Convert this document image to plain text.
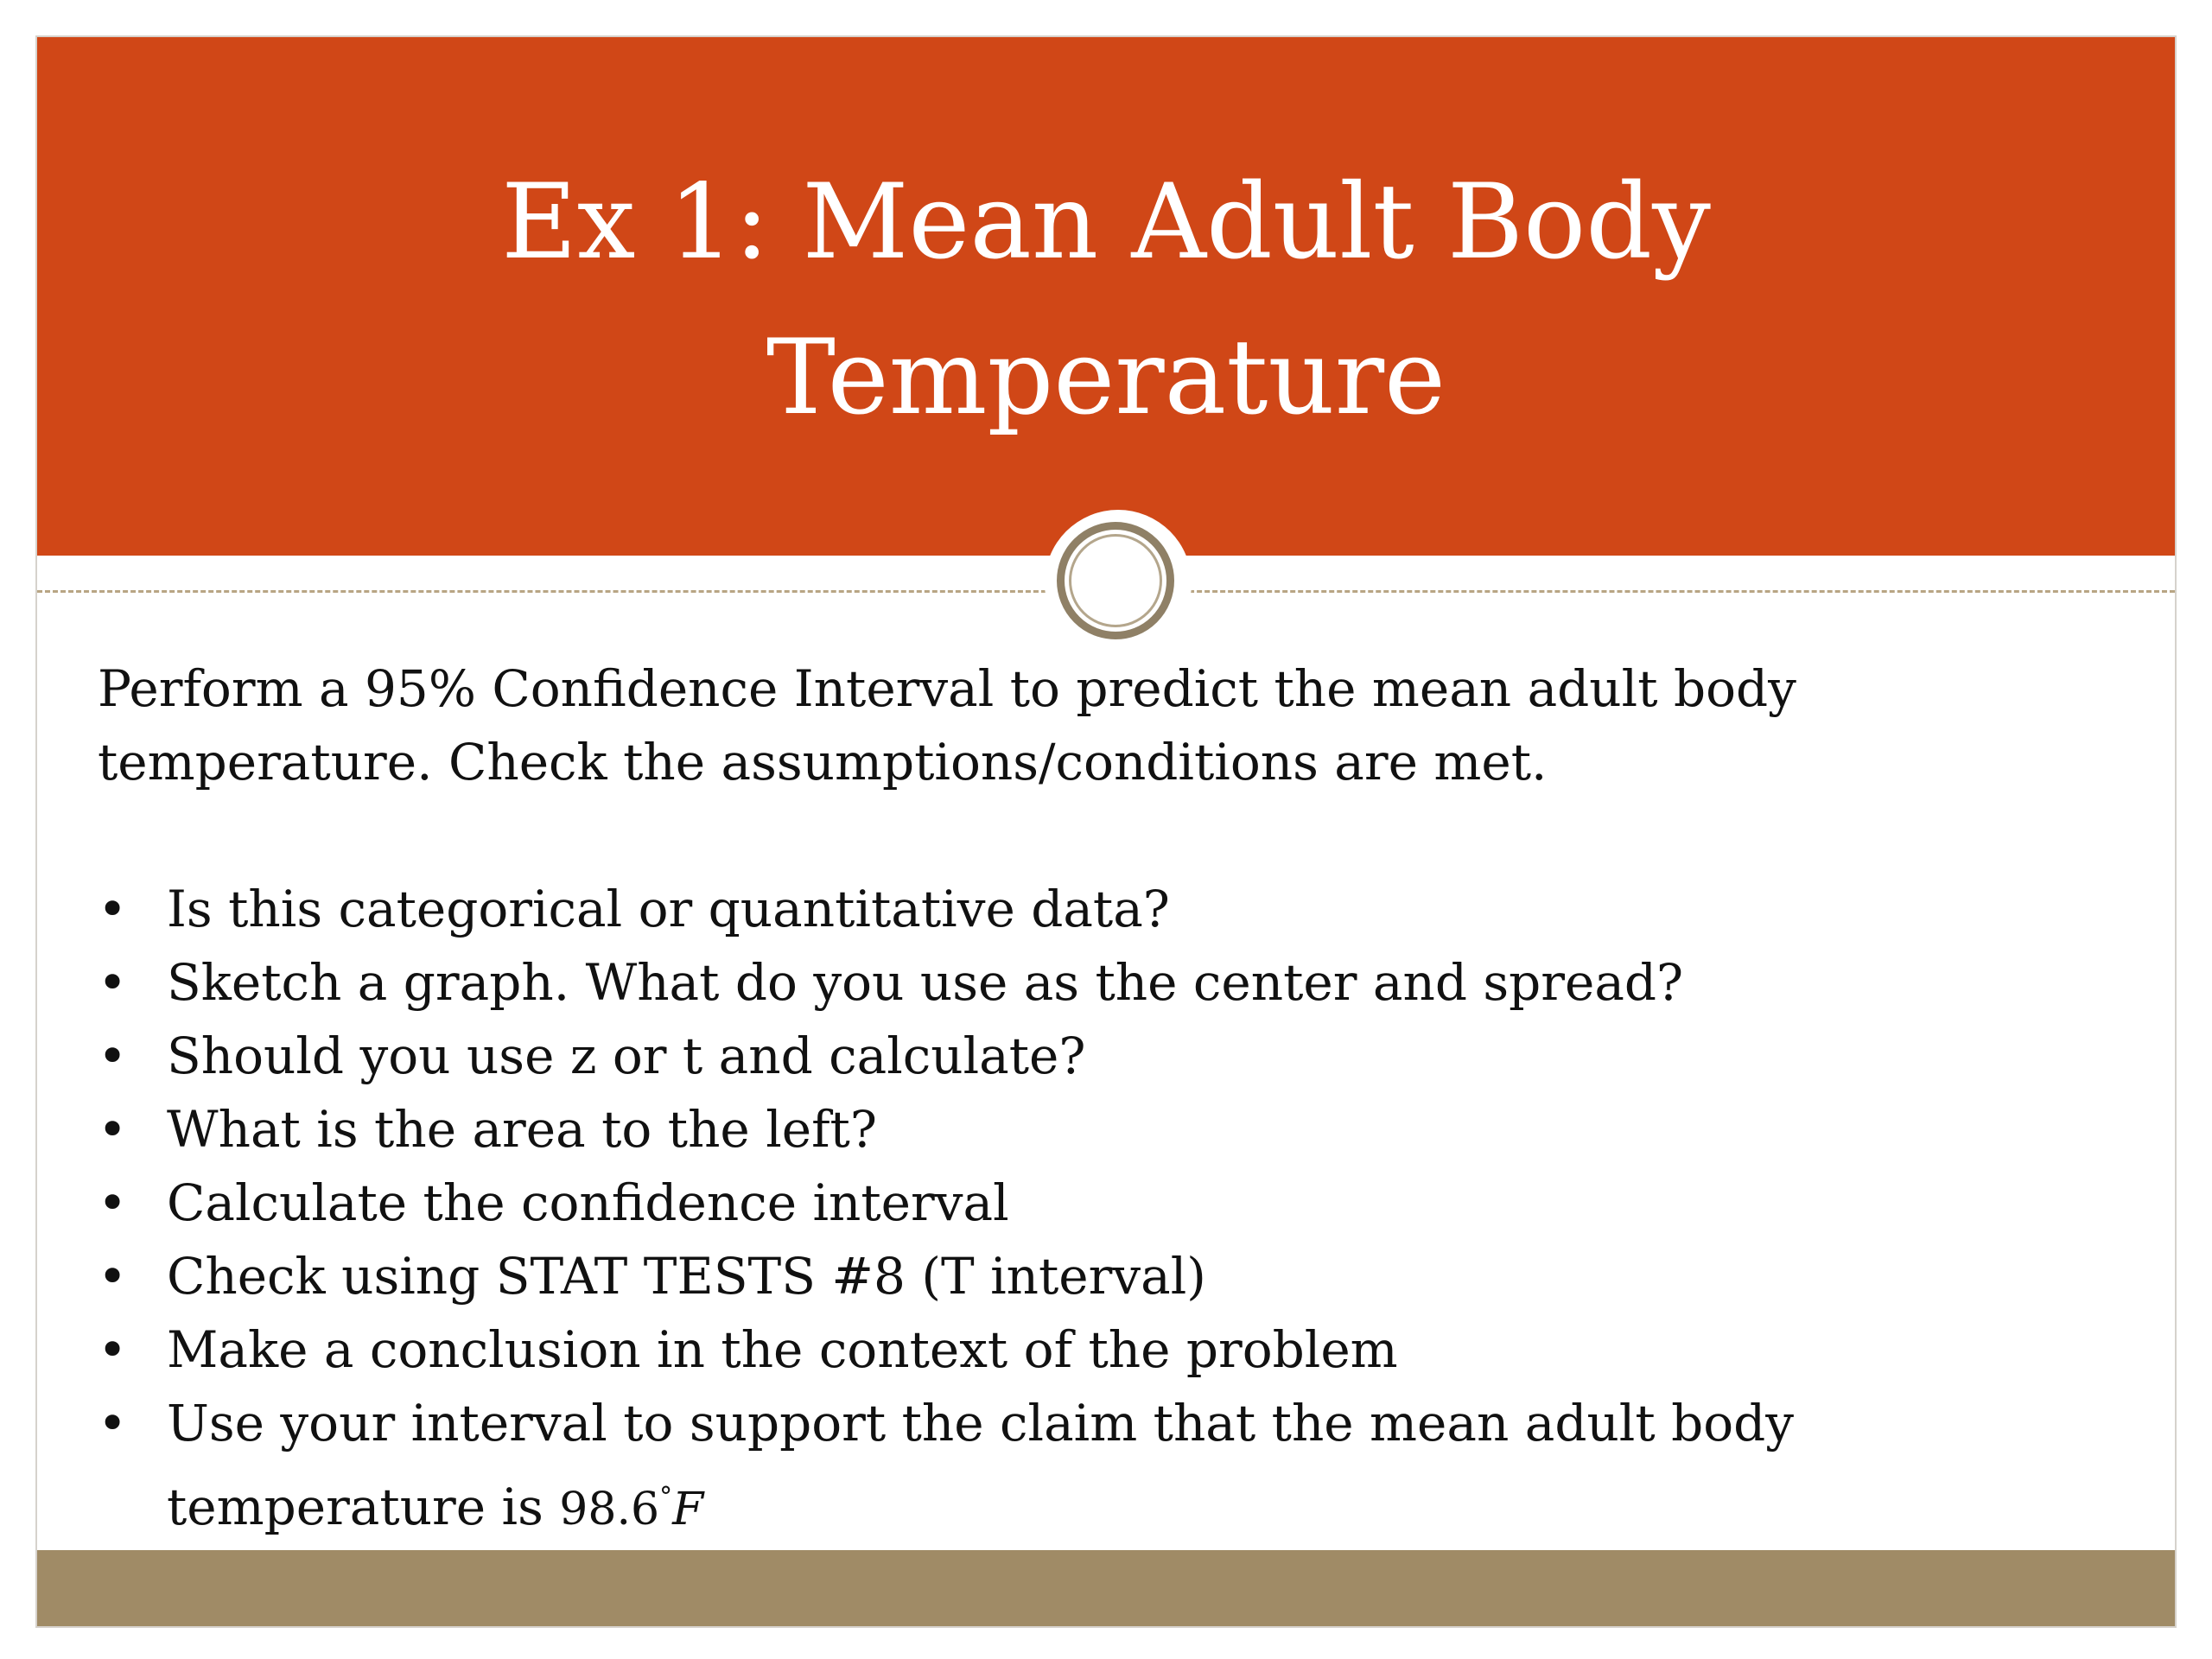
Ex 1: Mean Adult Body Temperature

Perform a 95% Confidence Interval to predict the mean adult body temperature. Check the assumptions/conditions are met.

• Is this categorical or quantitative data?
• Sketch a graph. What do you use as the center and spread?
• Should you use z or t and calculate?
• What is the area to the left?
• Calculate the confidence interval
• Check using STAT TESTS #8 (T interval)
• Make a conclusion in the context of the problem
• Use your interval to support the claim that the mean adult body temperature is 98.6°F
